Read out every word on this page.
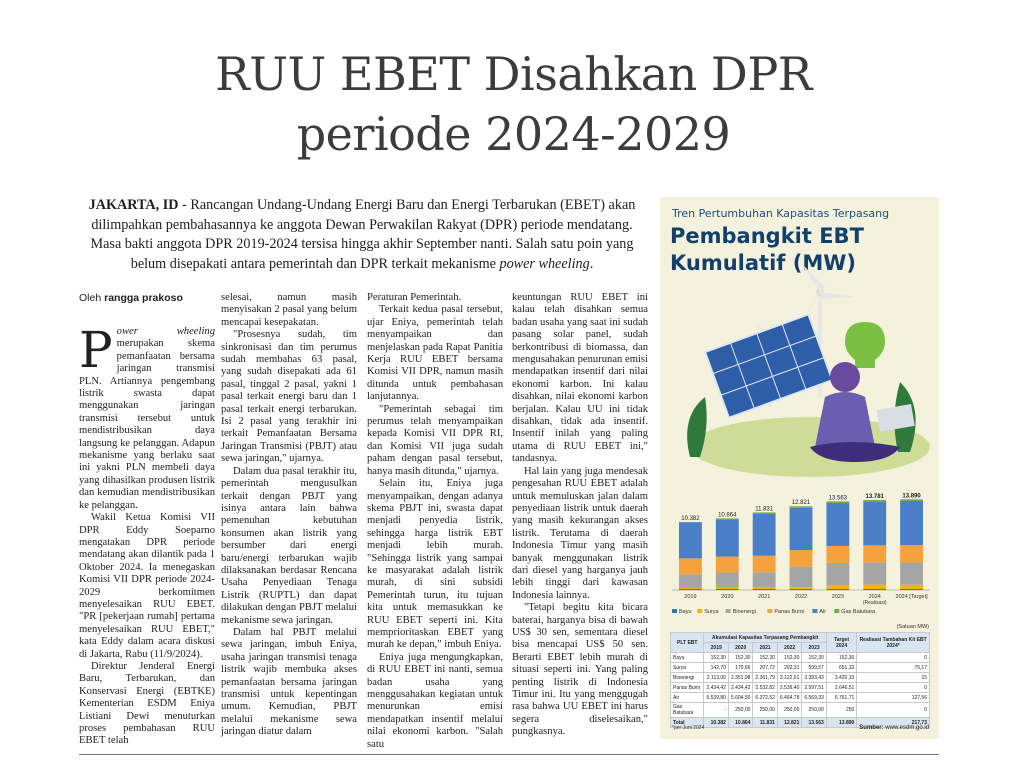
RUU EBET Disahkan DPR
periode 2024-2029
JAKARTA, ID - Rancangan Undang-Undang Energi Baru dan Energi Terbarukan (EBET) akan dilimpahkan pembahasannya ke anggota Dewan Perwakilan Rakyat (DPR) periode mendatang. Masa bakti anggota DPR 2019-2024 tersisa hingga akhir September nanti. Salah satu poin yang belum disepakati antara pemerintah dan DPR terkait mekanisme power wheeling.
Oleh rangga prakoso

Power wheeling merupakan skema pemanfaatan bersama jaringan transmisi PLN. Artiannya pengembang listrik swasta dapat menggunakan jaringan transmisi tersebut untuk mendistribusikan daya langsung ke pelanggan. Adapun mekanisme yang berlaku saat ini yakni PLN membeli daya yang dihasilkan produsen listrik dan kemudian mendistribusikan ke pelanggan.

Wakil Ketua Komisi VII DPR Eddy Soeparno mengatakan DPR periode mendatang akan dilantik pada 1 Oktober 2024. Ia menegaskan Komisi VII DPR periode 2024-2029 berkomitmen menyelesaikan RUU EBET. "PR [pekerjaan rumah] pertama menyelesaikan RUU EBET," kata Eddy dalam acara diskusi di Jakarta, Rabu (11/9/2024).

Direktur Jenderal Energi Baru, Terbarukan, dan Konservasi Energi (EBTKE) Kementerian ESDM Eniya Listiani Dewi menuturkan proses pembahasan RUU EBET telah

selesai, namun masih menyisakan 2 pasal yang belum mencapai kesepakatan.

"Prosesnya sudah, tim sinkronisasi dan tim perumus sudah membahas 63 pasal, yang sudah disepakati ada 61 pasal, tinggal 2 pasal, yakni 1 pasal terkait energi baru dan 1 pasal terkait energi terbarukan. Isi 2 pasal yang terakhir ini terkait Pemanfaatan Bersama Jaringan Transmisi (PBJT) atau sewa jaringan," ujarnya.

Dalam dua pasal terakhir itu, pemerintah mengusulkan terkait dengan PBJT yang isinya antara lain bahwa pemenuhan kebutuhan konsumen akan listrik yang bersumber dari energi baru/energi terbarukan wajib dilaksanakan berdasar Rencana Usaha Penyediaan Tenaga Listrik (RUPTL) dan dapat dilakukan dengan PBJT melalui mekanisme sewa jaringan.

Dalam hal PBJT melalui sewa jaringan, imbuh Eniya, usaha jaringan transmisi tenaga listrik wajib membuka akses pemanfaatan bersama jaringan transmisi untuk kepentingan umum. Kemudian, PBJT melalui mekanisme sewa jaringan diatur dalam

Peraturan Pemerintah.

Terkait kedua pasal tersebut, ujar Eniya, pemerintah telah menyampaikan dan menjelaskan pada Rapat Panitia Kerja RUU EBET bersama Komisi VII DPR, namun masih ditunda untuk pembahasan lanjutannya.

"Pemerintah sebagai tim perumus telah menyampaikan kepada Komisi VII DPR RI, dan Komisi VII juga sudah paham dengan pasal tersebut, hanya masih ditunda," ujarnya.

Selain itu, Eniya juga menyampaikan, dengan adanya skema PBJT ini, swasta dapat menjadi penyedia listrik, sehingga harga listrik EBT menjadi lebih murah. "Sehingga listrik yang sampai ke masyarakat adalah listrik murah, di sini subsidi Pemerintah turun, itu tujuan kita untuk memasukkan ke RUU EBET seperti ini. Kita memprioritaskan EBET yang murah ke depan," imbuh Eniya.

Eniya juga mengungkapkan, di RUU EBET ini nanti, semua badan usaha yang menggusahakan kegiatan untuk menurunkan emisi mendapatkan insentif melalui nilai ekonomi karbon. "Salah satu

keuntungan RUU EBET ini kalau telah disahkan semua badan usaha yang saat ini sudah pasang solar panel, sudah berkontribusi di biomassa, dan mengusahakan penurunan emisi mendapatkan insentif dari nilai ekonomi karbon. Ini kalau disahkan, nilai ekonomi karbon berjalan. Kalau UU ini tidak disahkan, tidak ada insentif. Insentif inilah yang paling utama di RUU EBET ini," tandasnya.

Hal lain yang juga mendesak pengesahan RUU EBET adalah untuk memuluskan jalan dalam penyediaan listrik untuk daerah yang masih kekurangan akses listrik. Terutama di daerah Indonesia Timur yang masih banyak menggunakan listrik dari diesel yang harganya jauh lebih tinggi dari kawasan Indonesia lainnya.

"Tetapi begitu kita bicara baterai, harganya bisa di bawah US$ 30 sen, sementara diesel bisa mencapai US$ 50 sen. Berarti EBET lebih murah di situasi seperti ini. Yang paling penting listrik di Indonesia Timur ini. Itu yang menggugah rasa bahwa UU EBET ini harus segera diselesaikan," pungkasnya.

Tren Pertumbuhan Kapasitas Terpasang
Pembangkit EBT Kumulatif (MW)
10.382
2019
10.864
2020
11.831
2021
12.821
2022
13.563
2023
13.781
2024
(Realisasi)
13.890
2024 [Target]
Bayu Surya	Bioenergi	Panas Bumi	Air	Gas Batubara
(Satuan MW)
PLT EBT	Akumulasi Kapasitas Terpasang Pembangkit					Target 2024	Realisasi Tambahan Kit EBT 2024*
	2019	2020	2021	2022	2023		
Bayu	152,30	152,30	152,30	152,30	152,30	152,30	0
Surya	142,70	170,66	207,72	292,31	599,57	651,10	75,17
Bioenergi	2.113,00	2.351,98	2.361,79	3.122,51	3.393,43	3.420,10	15
Panas Bumi	2.434,42	2.434,42	2.532,82	2.539,40	2.597,51	2.646,51	0
Air	5.539,80	5.604,50	6.372,52	6.464,78	6.569,33	6.761,71	127,56
Gas Batubara	-	250,00	250,00	250,00	250,00	250	0
Total	10.382	10.864	11.831	12.821	13.563	13.890	217,73
*per Juni 2024	Sumber: www.esdm.go.id
